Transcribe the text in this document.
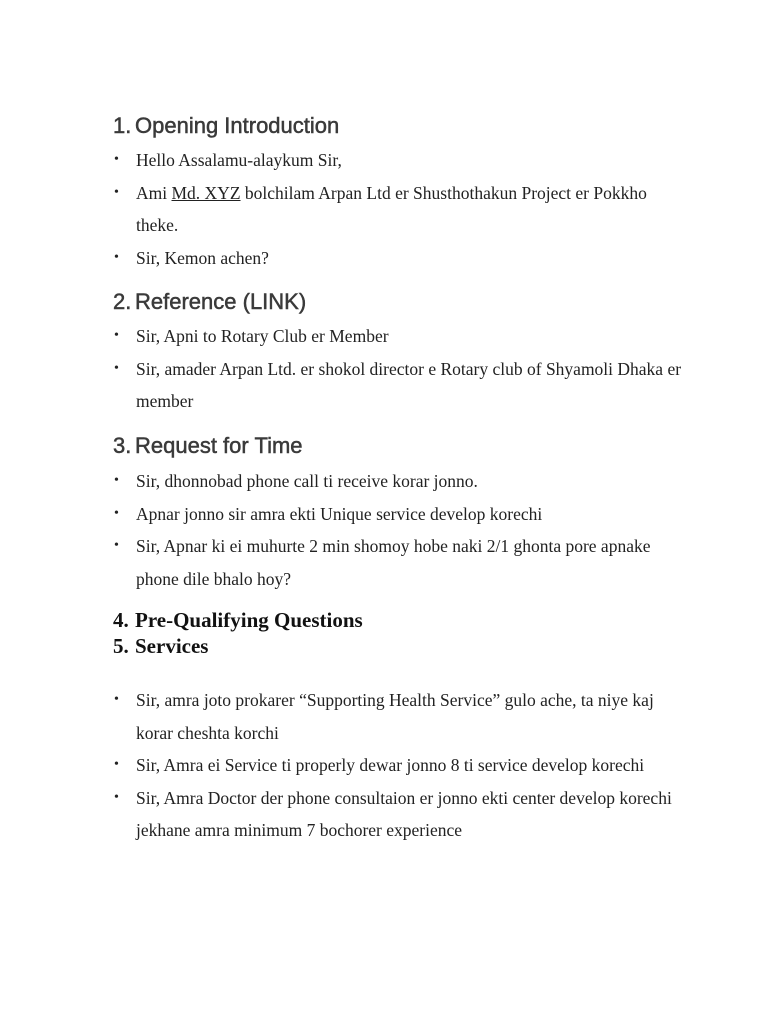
1. Opening Introduction
• Hello Assalamu-alaykum Sir,
• Ami Md. XYZ bolchilam Arpan Ltd er Shusthothakun Project er Pokkho theke.
• Sir, Kemon achen?
2. Reference (LINK)
• Sir, Apni to Rotary Club er Member
• Sir, amader Arpan Ltd. er shokol director e Rotary club of Shyamoli Dhaka er member
3. Request for Time
• Sir, dhonnobad phone call ti receive korar jonno.
• Apnar jonno sir amra ekti Unique service develop korechi
• Sir, Apnar ki ei muhurte 2 min shomoy hobe naki 2/1 ghonta pore apnake phone dile bhalo hoy?
4. Pre-Qualifying Questions
5. Services
• Sir, amra joto prokarer “Supporting Health Service” gulo ache, ta niye kaj korar cheshta korchi
• Sir, Amra ei Service ti properly dewar jonno 8 ti service develop korechi
• Sir, Amra Doctor der phone consultaion er jonno ekti center develop korechi jekhane amra minimum 7 bochorer experience
